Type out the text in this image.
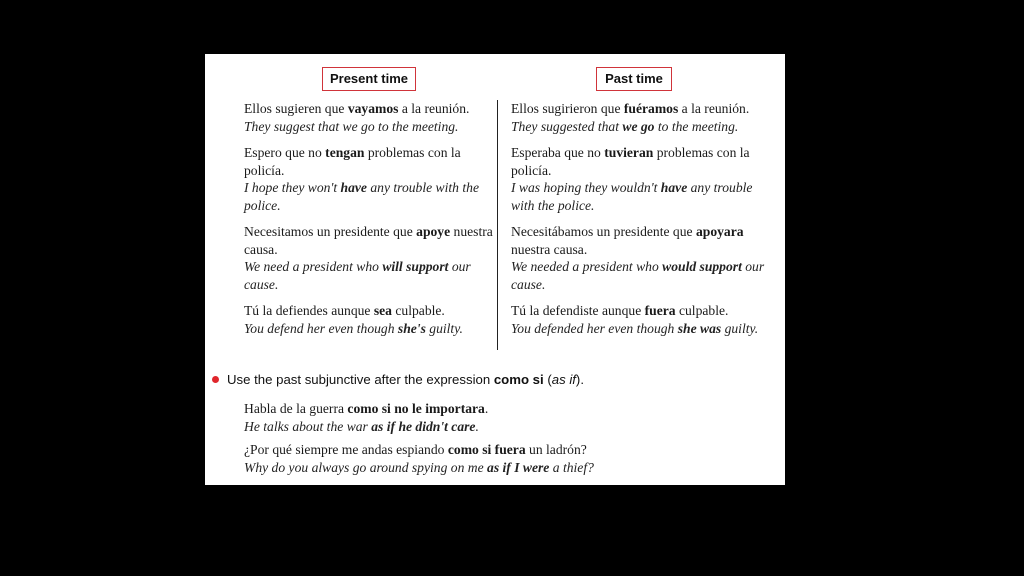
Present time	Past time
Ellos sugieren que vayamos a la reunión.
They suggest that we go to the meeting.
Espero que no tengan problemas con la policía.
I hope they won't have any trouble with the police.
Necesitamos un presidente que apoye nuestra causa.
We need a president who will support our cause.
Tú la defiendes aunque sea culpable.
You defend her even though she's guilty.
Ellos sugirieron que fuéramos a la reunión.
They suggested that we go to the meeting.
Esperaba que no tuvieran problemas con la policía.
I was hoping they wouldn't have any trouble with the police.
Necesitábamos un presidente que apoyara nuestra causa.
We needed a president who would support our cause.
Tú la defendiste aunque fuera culpable.
You defended her even though she was guilty.
Use the past subjunctive after the expression como si (as if).
Habla de la guerra como si no le importara.
He talks about the war as if he didn't care.
¿Por qué siempre me andas espiando como si fuera un ladrón?
Why do you always go around spying on me as if I were a thief?
